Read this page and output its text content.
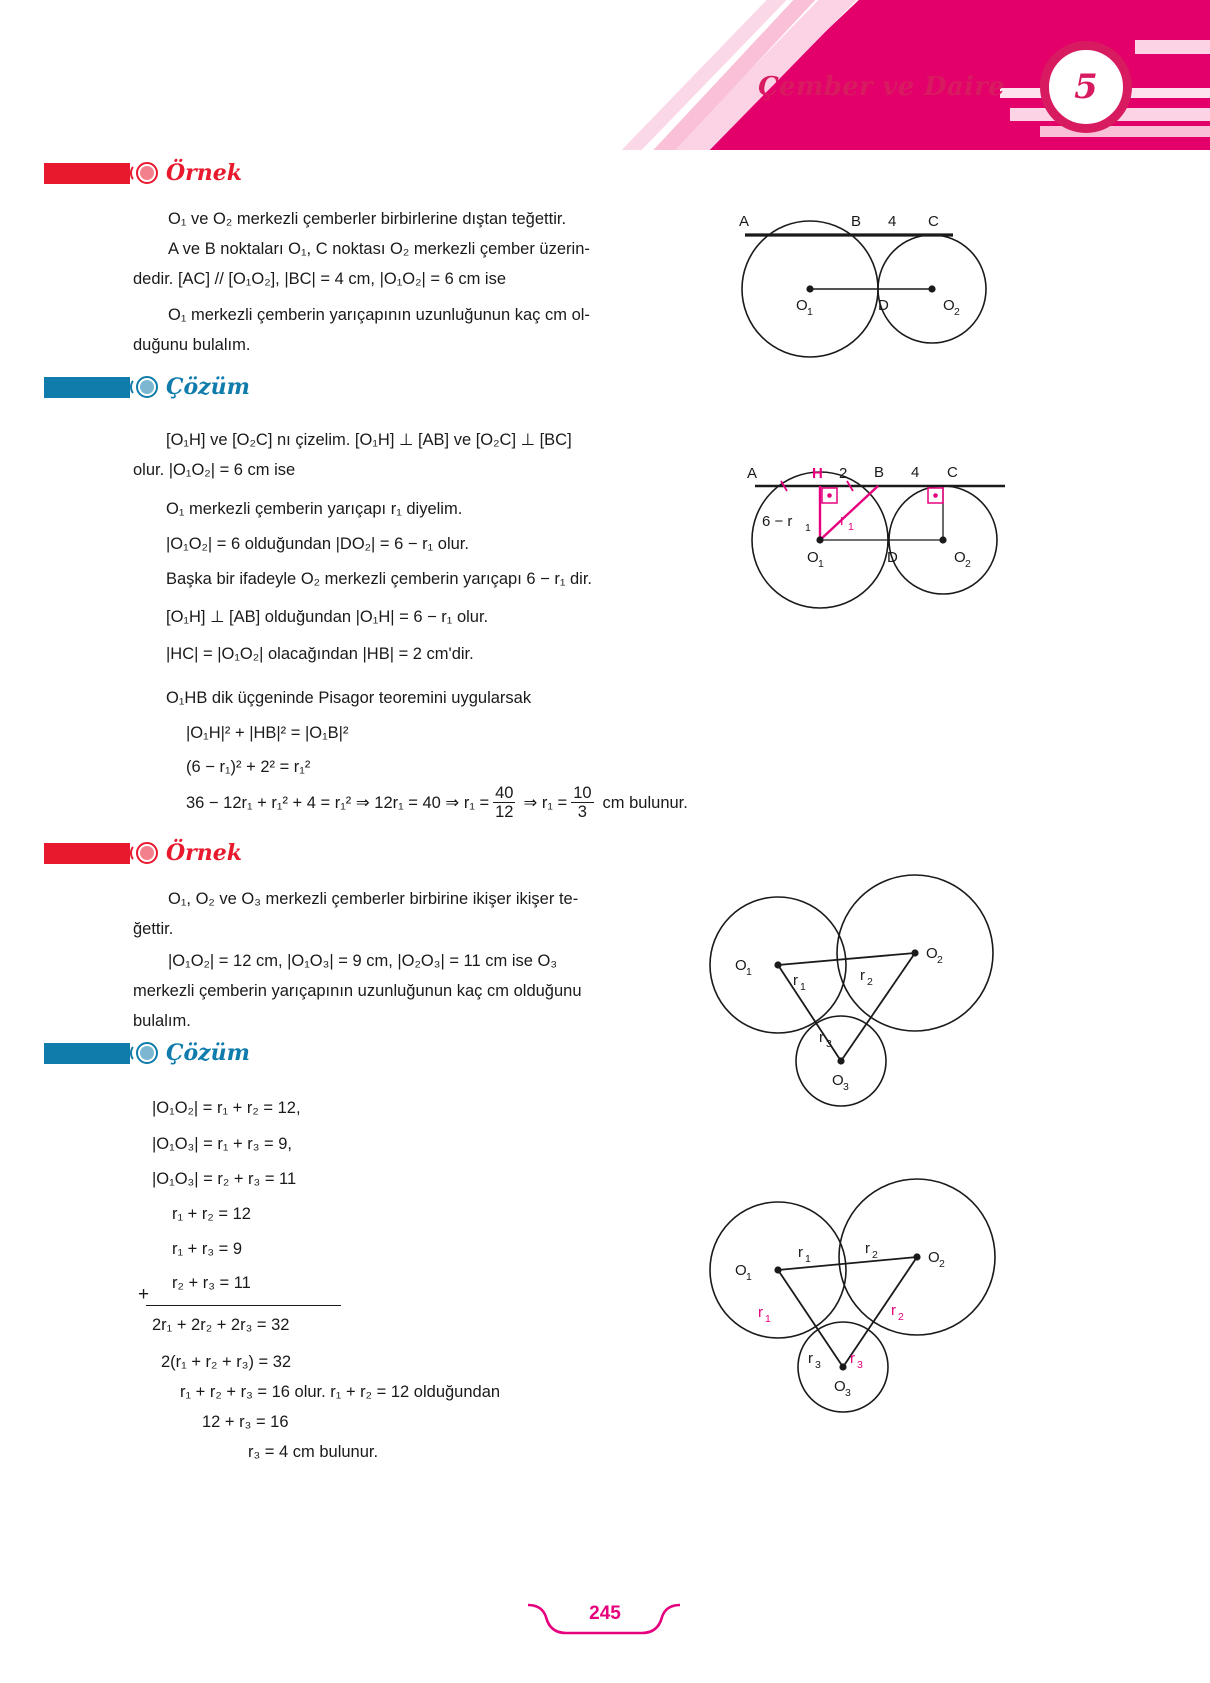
Çember ve Daire	5
Örnek
O₁ ve O₂ merkezli çemberler birbirlerine dıştan teğettir.
A ve B noktaları O₁, C noktası O₂ merkezli çember üzerin-
dedir. [AC] // [O₁O₂], |BC| = 4 cm, |O₁O₂| = 6 cm ise
O₁ merkezli çemberin yarıçapının uzunluğunun kaç cm ol-
duğunu bulalım.
A	B	C
4
O 1	D	O 2
Çözüm
[O₁H] ve [O₂C] nı çizelim. [O₁H] ⊥ [AB] ve [O₂C] ⊥ [BC]
olur. |O₁O₂| = 6 cm ise
O₁ merkezli çemberin yarıçapı r₁ diyelim.
|O₁O₂| = 6 olduğundan |DO₂| = 6 − r₁ olur.
Başka bir ifadeyle O₂ merkezli çemberin yarıçapı 6 − r₁ dir.
[O₁H] ⊥ [AB] olduğundan |O₁H| = 6 − r₁ olur.
|HC| = |O₁O₂| olacağından |HB| = 2 cm'dir.
O₁HB dik üçgeninde Pisagor teoremini uygularsak
|O₁H|² + |HB|² = |O₁B|²
(6 − r₁)² + 2² = r₁²
36 − 12r₁ + r₁² + 4 = r₁² ⇒ 12r₁ = 40 ⇒ $r_1 = \frac{40}{12}$ ⇒ $r_1 = \frac{10}{3}$ cm bulunur.
A	H 2 B 4 C
6 − r 1 r 1
O 1	D	O 2
Örnek
O₁, O₂ ve O₃ merkezli çemberler birbirine ikişer ikişer te-
ğettir.
|O₁O₂| = 12 cm, |O₁O₃| = 9 cm, |O₂O₃| = 11 cm ise O₃
merkezli çemberin yarıçapının uzunluğunun kaç cm olduğunu
bulalım.
O 1
O 2
O 3
r 1
r 2
r 3
Çözüm
|O₁O₂| = r₁ + r₂ = 12,
|O₁O₃| = r₁ + r₃ = 9,
|O₁O₃| = r₂ + r₃ = 11
r₁ + r₂ = 12
r₁ + r₃ = 9
r₂ + r₃ = 11
+
2r₁ + 2r₂ + 2r₃ = 32
2(r₁ + r₂ + r₃) = 32
r₁ + r₂ + r₃ = 16 olur. r₁ + r₂ = 12 olduğundan
12 + r₃ = 16
r₃ = 4 cm bulunur.
O 1
O 2
O 3
r 1
r 2
r 1	r 2
r 3 r 3
245
